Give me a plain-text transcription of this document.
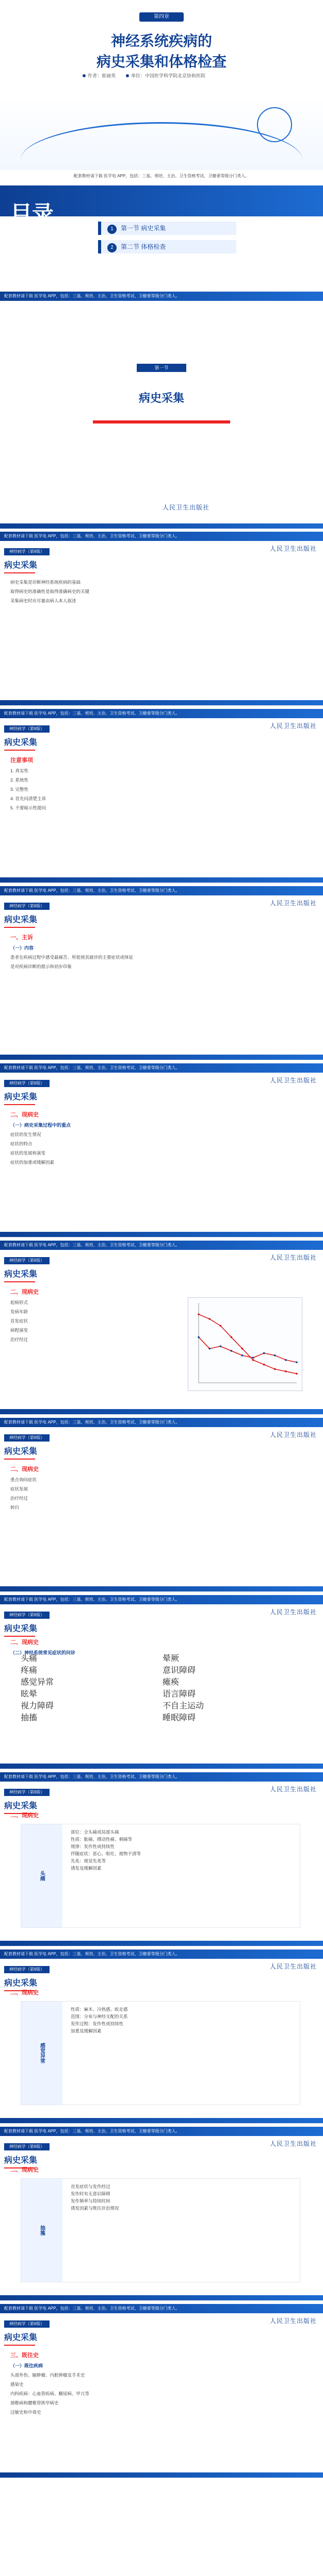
第四章
神经系统疾病的
病史采集和体格检查
作者：崔丽英	单位：中国医学科学院北京协和医院
配套教材请下载 医学电 APP，包括：三基、规培、主治、卫生资格考试、卫健委等级分门类人。
目录
1 第一节 病史采集
2 第二节 体格检查
配套教材请下载 医学电 APP，包括：三基、规培、主治、卫生资格考试、卫健委等级分门类人。
第一节
病史采集
人民卫生出版社
配套教材请下载 医学电 APP，包括：三基、规培、主治、卫生资格考试、卫健委等级分门类人。
人民卫生出版社
神经病学（第9版）
病史采集
病史采集是诊断神经系统疾病的基础
取得病史的准确性是取得准确病史的关键
采集病史时应尽量由病人本人叙述
配套教材请下载 医学电 APP，包括：三基、规培、主治、卫生资格考试、卫健委等级分门类人。
人民卫生出版社
神经病学（第9版）
病史采集
注意事项
1. 真实性
2. 系统性
3. 完整性
4. 首先问清楚主诉
5. 不要暗示性提问
配套教材请下载 医学电 APP，包括：三基、规培、主治、卫生资格考试、卫健委等级分门类人。
人民卫生出版社
神经病学（第9版）
病史采集
一、主诉
（一）内容
患者在疾病过程中感受最痛苦、所促使其就诊的主要症状或体征
是对疾病诊断的提示和初步印象
配套教材请下载 医学电 APP，包括：三基、规培、主治、卫生资格考试、卫健委等级分门类人。
人民卫生出版社
神经病学（第9版）
病史采集
二、现病史
（一）病史采集过程中的重点
症状的发生情况
症状的特点
症状的发展和演变
症状的加重或缓解因素
配套教材请下载 医学电 APP，包括：三基、规培、主治、卫生资格考试、卫健委等级分门类人。
人民卫生出版社
神经病学（第9版）
病史采集
二、现病史
起病形式
发病年龄
首发症状
病程演变
治疗经过
配套教材请下载 医学电 APP，包括：三基、规培、主治、卫生资格考试、卫健委等级分门类人。
人民卫生出版社
神经病学（第9版）
病史采集
二、现病史
重点询问症状
症状发展
治疗经过
转归
配套教材请下载 医学电 APP，包括：三基、规培、主治、卫生资格考试、卫健委等级分门类人。
人民卫生出版社
神经病学（第9版）
病史采集
二、现病史
（二）神经系统常见症状的问诊
头痛
疼痛
感觉异常
眩晕
视力障碍
抽搐
晕厥
意识障碍
瘫痪
语言障碍
不自主运动
睡眠障碍
配套教材请下载 医学电 APP，包括：三基、规培、主治、卫生资格考试、卫健委等级分门类人。
人民卫生出版社
神经病学（第9版）
病史采集
二、现病史
头痛
部位：全头痛或局部头痛
性质：胀痛、搏动性痛、刺痛等
规律：发作性或持续性
伴随症状：恶心、呕吐、视物不清等
先兆：视觉先兆等
诱发及缓解因素
配套教材请下载 医学电 APP，包括：三基、规培、主治、卫生资格考试、卫健委等级分门类人。
人民卫生出版社
神经病学（第9版）
病史采集
二、现病史
感觉异常
性质：麻木、冷热感、蚁走感
范围：分布与神经支配的关系
发作过程：发作性或持续性
加重及缓解因素
配套教材请下载 医学电 APP，包括：三基、规培、主治、卫生资格考试、卫健委等级分门类人。
人民卫生出版社
神经病学（第9版）
病史采集
二、现病史
抽搐
首发症状与发作经过
发作时有无意识障碍
发作频率与持续时间
诱发因素与既往诊治情况
配套教材请下载 医学电 APP，包括：三基、规培、主治、卫生资格考试、卫健委等级分门类人。
人民卫生出版社
神经病学（第9版）
病史采集
三、既往史
（一）既往疾病
头部外伤、脑肿瘤、内脏肿瘤及手术史
感染史
内科疾病：心血管疾病、糖尿病、甲亢等
颈椎病和腰椎管狭窄病史
过敏史和中毒史
